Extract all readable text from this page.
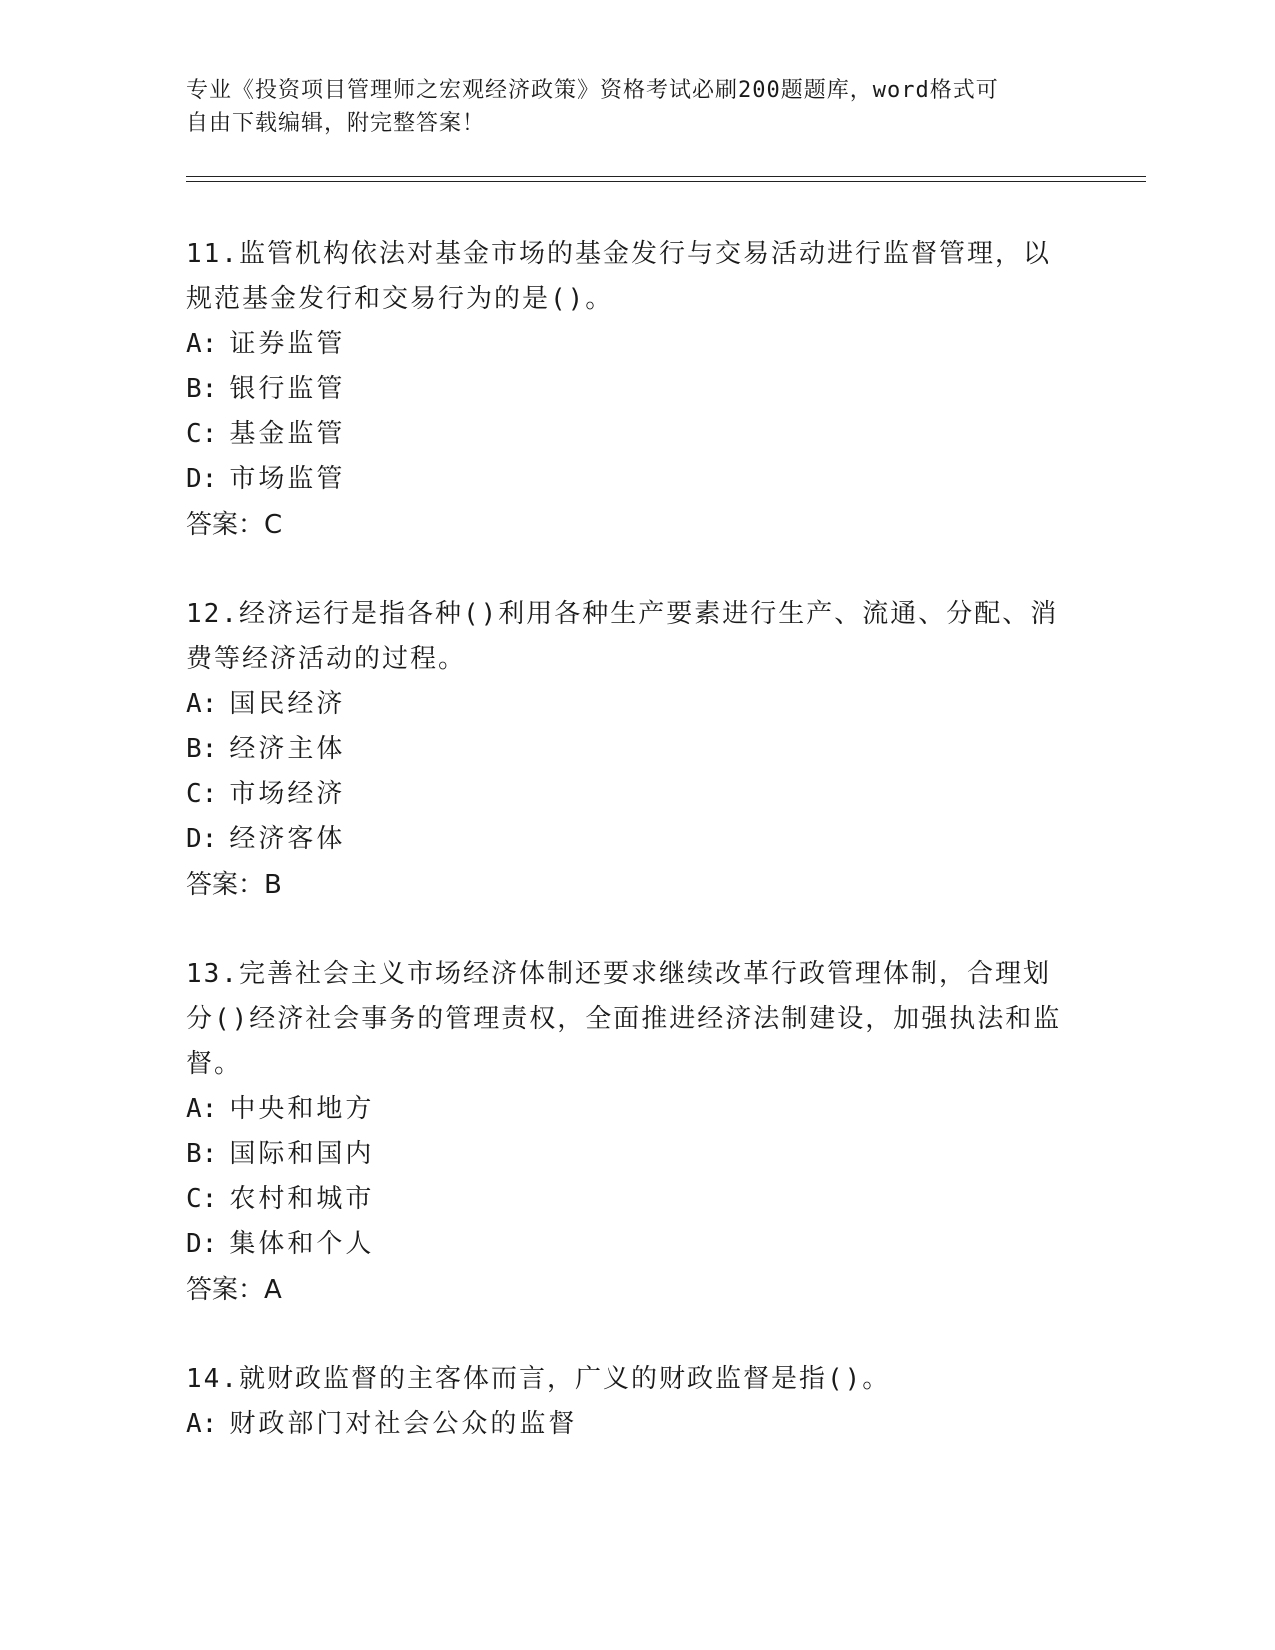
专业《投资项目管理师之宏观经济政策》资格考试必刷200题题库，word格式可
自由下载编辑，附完整答案！
11.监管机构依法对基金市场的基金发行与交易活动进行监督管理，以规范基金发行和交易行为的是()。
A: 证券监管
B: 银行监管
C: 基金监管
D: 市场监管
答案：C
12.经济运行是指各种()利用各种生产要素进行生产、流通、分配、消费等经济活动的过程。
A: 国民经济
B: 经济主体
C: 市场经济
D: 经济客体
答案：B
13.完善社会主义市场经济体制还要求继续改革行政管理体制，合理划分()经济社会事务的管理责权，全面推进经济法制建设，加强执法和监督。
A: 中央和地方
B: 国际和国内
C: 农村和城市
D: 集体和个人
答案：A
14.就财政监督的主客体而言，广义的财政监督是指()。
A: 财政部门对社会公众的监督
